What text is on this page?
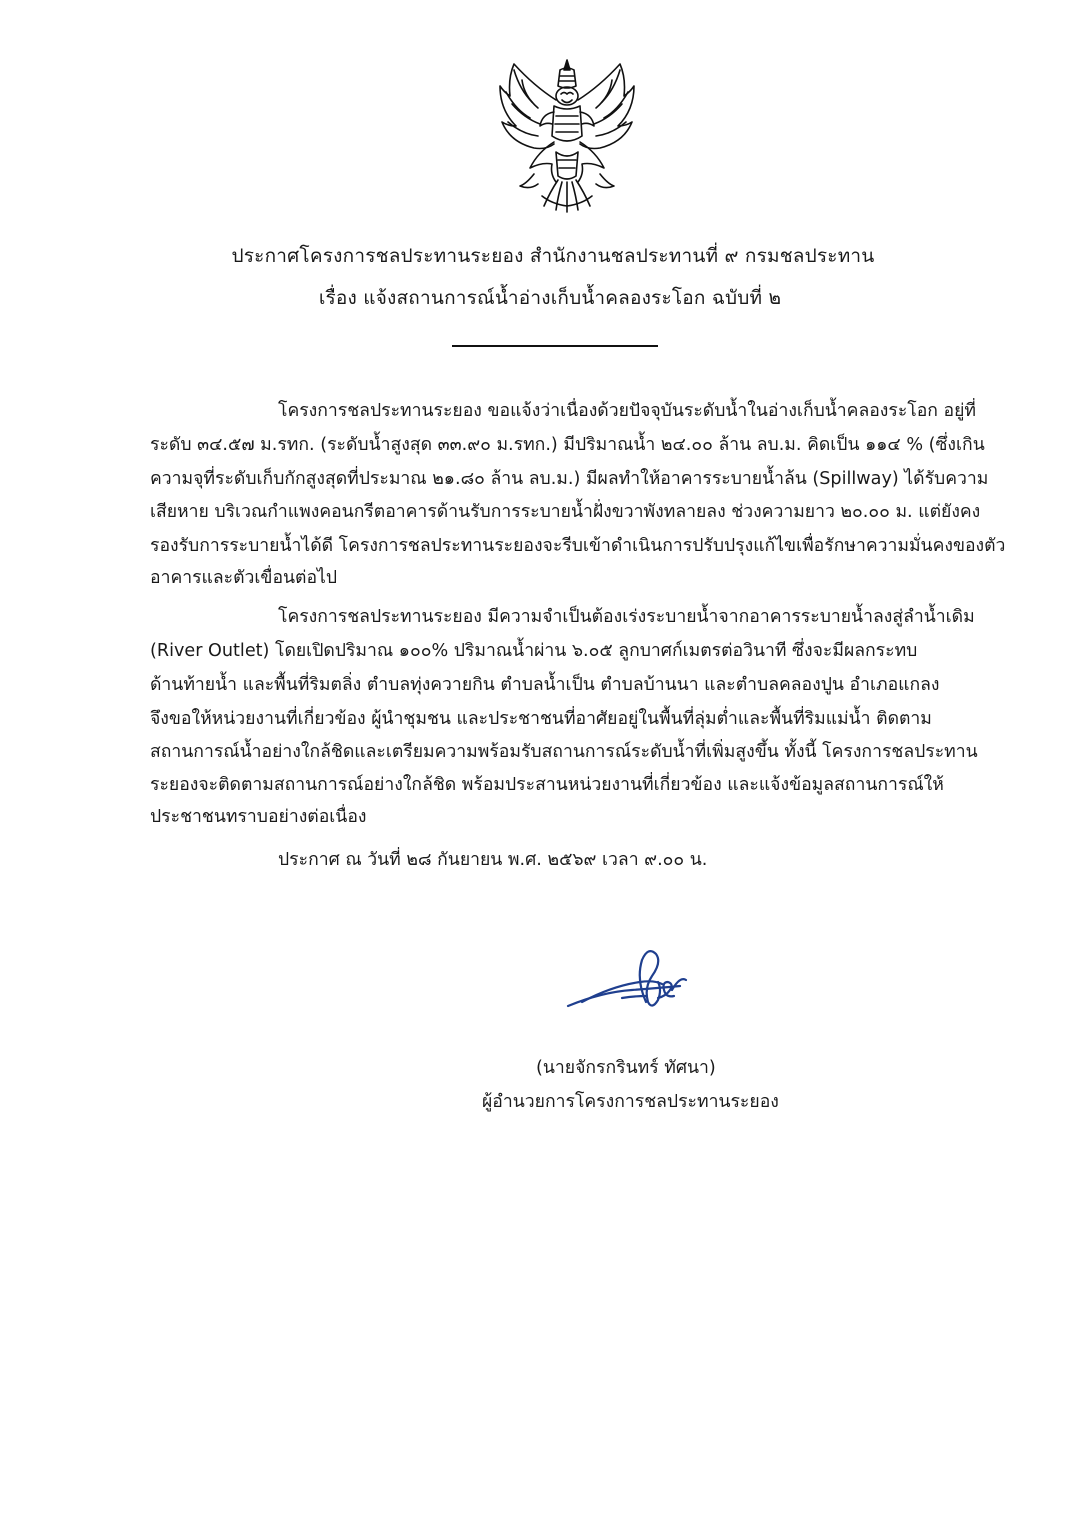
ประกาศโครงการชลประทานระยอง สำนักงานชลประทานที่ ๙ กรมชลประทาน
เรื่อง แจ้งสถานการณ์น้ำอ่างเก็บน้ำคลองระโอก ฉบับที่ ๒
โครงการชลประทานระยอง ขอแจ้งว่าเนื่องด้วยปัจจุบันระดับน้ำในอ่างเก็บน้ำคลองระโอก อยู่ที่
ระดับ ๓๔.๕๗ ม.รทก. (ระดับน้ำสูงสุด ๓๓.๙๐ ม.รทก.) มีปริมาณน้ำ ๒๔.๐๐ ล้าน ลบ.ม. คิดเป็น ๑๑๔ % (ซึ่งเกิน
ความจุที่ระดับเก็บกักสูงสุดที่ประมาณ ๒๑.๘๐ ล้าน ลบ.ม.) มีผลทำให้อาคารระบายน้ำล้น (Spillway) ได้รับความ
เสียหาย บริเวณกำแพงคอนกรีตอาคารด้านรับการระบายน้ำฝั่งขวาพังทลายลง ช่วงความยาว ๒๐.๐๐ ม. แต่ยังคง
รองรับการระบายน้ำได้ดี โครงการชลประทานระยองจะรีบเข้าดำเนินการปรับปรุงแก้ไขเพื่อรักษาความมั่นคงของตัว
อาคารและตัวเขื่อนต่อไป
โครงการชลประทานระยอง มีความจำเป็นต้องเร่งระบายน้ำจากอาคารระบายน้ำลงสู่ลำน้ำเดิม
(River Outlet) โดยเปิดปริมาณ ๑๐๐% ปริมาณน้ำผ่าน ๖.๐๕ ลูกบาศก์เมตรต่อวินาที ซึ่งจะมีผลกระทบ
ด้านท้ายน้ำ และพื้นที่ริมตลิ่ง ตำบลทุ่งควายกิน ตำบลน้ำเป็น ตำบลบ้านนา และตำบลคลองปูน อำเภอแกลง
จึงขอให้หน่วยงานที่เกี่ยวข้อง ผู้นำชุมชน และประชาชนที่อาศัยอยู่ในพื้นที่ลุ่มต่ำและพื้นที่ริมแม่น้ำ ติดตาม
สถานการณ์น้ำอย่างใกล้ชิดและเตรียมความพร้อมรับสถานการณ์ระดับน้ำที่เพิ่มสูงขึ้น ทั้งนี้ โครงการชลประทาน
ระยองจะติดตามสถานการณ์อย่างใกล้ชิด พร้อมประสานหน่วยงานที่เกี่ยวข้อง และแจ้งข้อมูลสถานการณ์ให้
ประชาชนทราบอย่างต่อเนื่อง
ประกาศ ณ วันที่ ๒๘ กันยายน พ.ศ. ๒๕๖๙ เวลา ๙.๐๐ น.
(นายจักรกรินทร์ ทัศนา)
ผู้อำนวยการโครงการชลประทานระยอง
